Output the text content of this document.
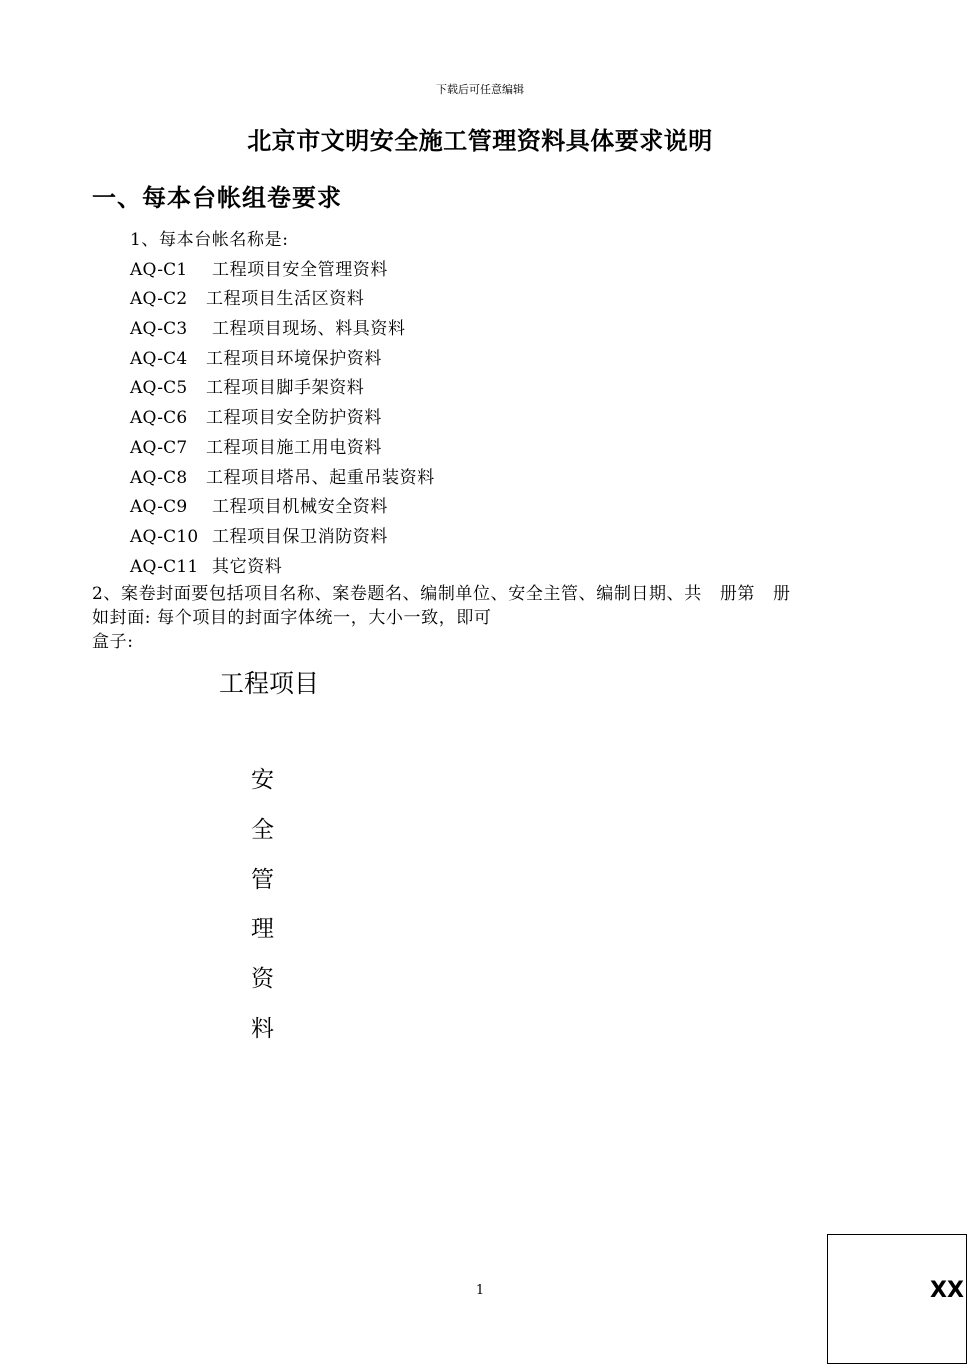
下载后可任意编辑
北京市文明安全施工管理资料具体要求说明
一、每本台帐组卷要求
1、每本台帐名称是:
AQ-C1 工程项目安全管理资料
AQ-C2 工程项目生活区资料
AQ-C3 工程项目现场、料具资料
AQ-C4 工程项目环境保护资料
AQ-C5 工程项目脚手架资料
AQ-C6 工程项目安全防护资料
AQ-C7 工程项目施工用电资料
AQ-C8 工程项目塔吊、起重吊装资料
AQ-C9 工程项目机械安全资料
AQ-C10 工程项目保卫消防资料
AQ-C11 其它资料
2、案卷封面要包括项目名称、案卷题名、编制单位、安全主管、编制日期、共   册第   册
如封面: 每个项目的封面字体统一，大小一致，即可
盒子:
工程项目
安
全
管
理
资
料
1	XX
